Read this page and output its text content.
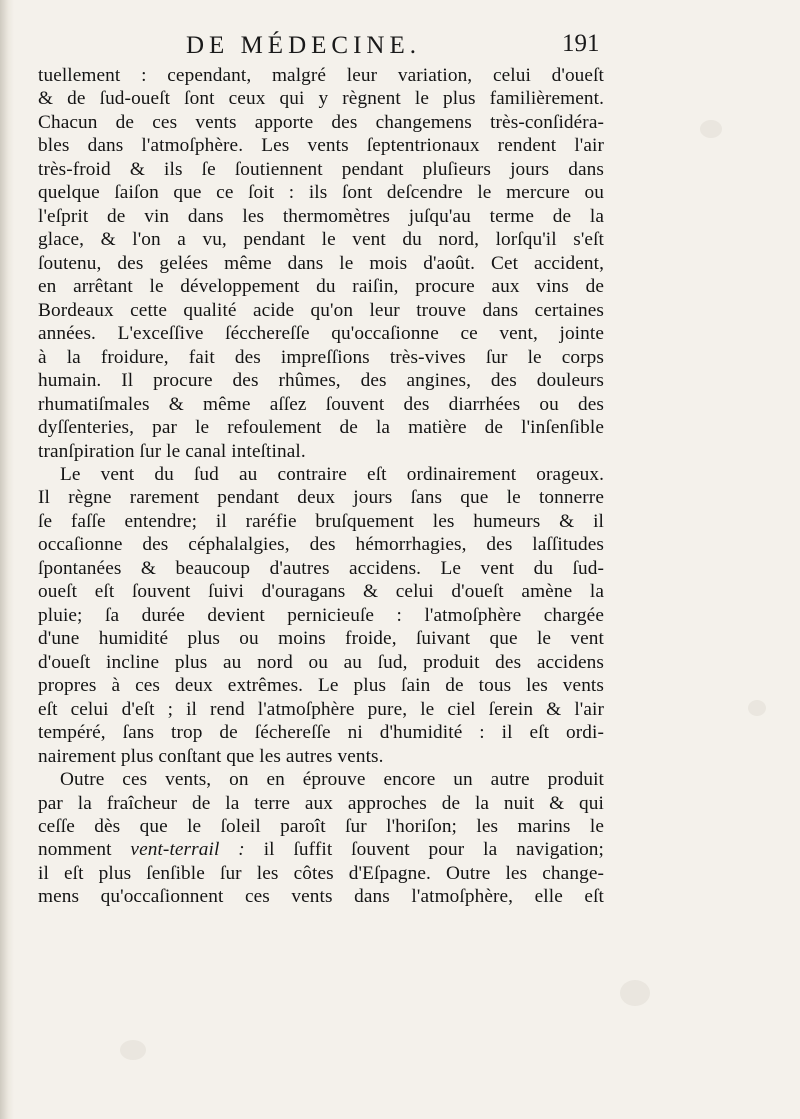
DE MÉDECINE.	191
tuellement : cependant, malgré leur variation, celui d'oueſt
& de ſud-oueſt ſont ceux qui y règnent le plus familièrement.
Chacun de ces vents apporte des changemens très-conſidéra-
bles dans l'atmoſphère. Les vents ſeptentrionaux rendent l'air
très-froid & ils ſe ſoutiennent pendant pluſieurs jours dans
quelque ſaiſon que ce ſoit : ils ſont deſcendre le mercure ou
l'eſprit de vin dans les thermomètres juſqu'au terme de la
glace, & l'on a vu, pendant le vent du nord, lorſqu'il s'eſt
ſoutenu, des gelées même dans le mois d'août. Cet accident,
en arrêtant le développement du raiſin, procure aux vins de
Bordeaux cette qualité acide qu'on leur trouve dans certaines
années. L'exceſſive ſécchereſſe qu'occaſionne ce vent, jointe
à la froidure, fait des impreſſions très-vives ſur le corps
humain. Il procure des rhûmes, des angines, des douleurs
rhumatiſmales & même aſſez ſouvent des diarrhées ou des
dyſſenteries, par le refoulement de la matière de l'inſenſible
tranſpiration ſur le canal inteſtinal.
Le vent du ſud au contraire eſt ordinairement orageux.
Il règne rarement pendant deux jours ſans que le tonnerre
ſe faſſe entendre; il raréfie bruſquement les humeurs & il
occaſionne des céphalalgies, des hémorrhagies, des laſſitudes
ſpontanées & beaucoup d'autres accidens. Le vent du ſud-
oueſt eſt ſouvent ſuivi d'ouragans & celui d'oueſt amène la
pluie; ſa durée devient pernicieuſe : l'atmoſphère chargée
d'une humidité plus ou moins froide, ſuivant que le vent
d'oueſt incline plus au nord ou au ſud, produit des accidens
propres à ces deux extrêmes. Le plus ſain de tous les vents
eſt celui d'eſt ; il rend l'atmoſphère pure, le ciel ſerein & l'air
tempéré, ſans trop de ſéchereſſe ni d'humidité : il eſt ordi-
nairement plus conſtant que les autres vents.
Outre ces vents, on en éprouve encore un autre produit
par la fraîcheur de la terre aux approches de la nuit & qui
ceſſe dès que le ſoleil paroît ſur l'horiſon; les marins le
nomment vent-terrail : il ſuffit ſouvent pour la navigation;
il eſt plus ſenſible ſur les côtes d'Eſpagne. Outre les change-
mens qu'occaſionnent ces vents dans l'atmoſphère, elle eſt
